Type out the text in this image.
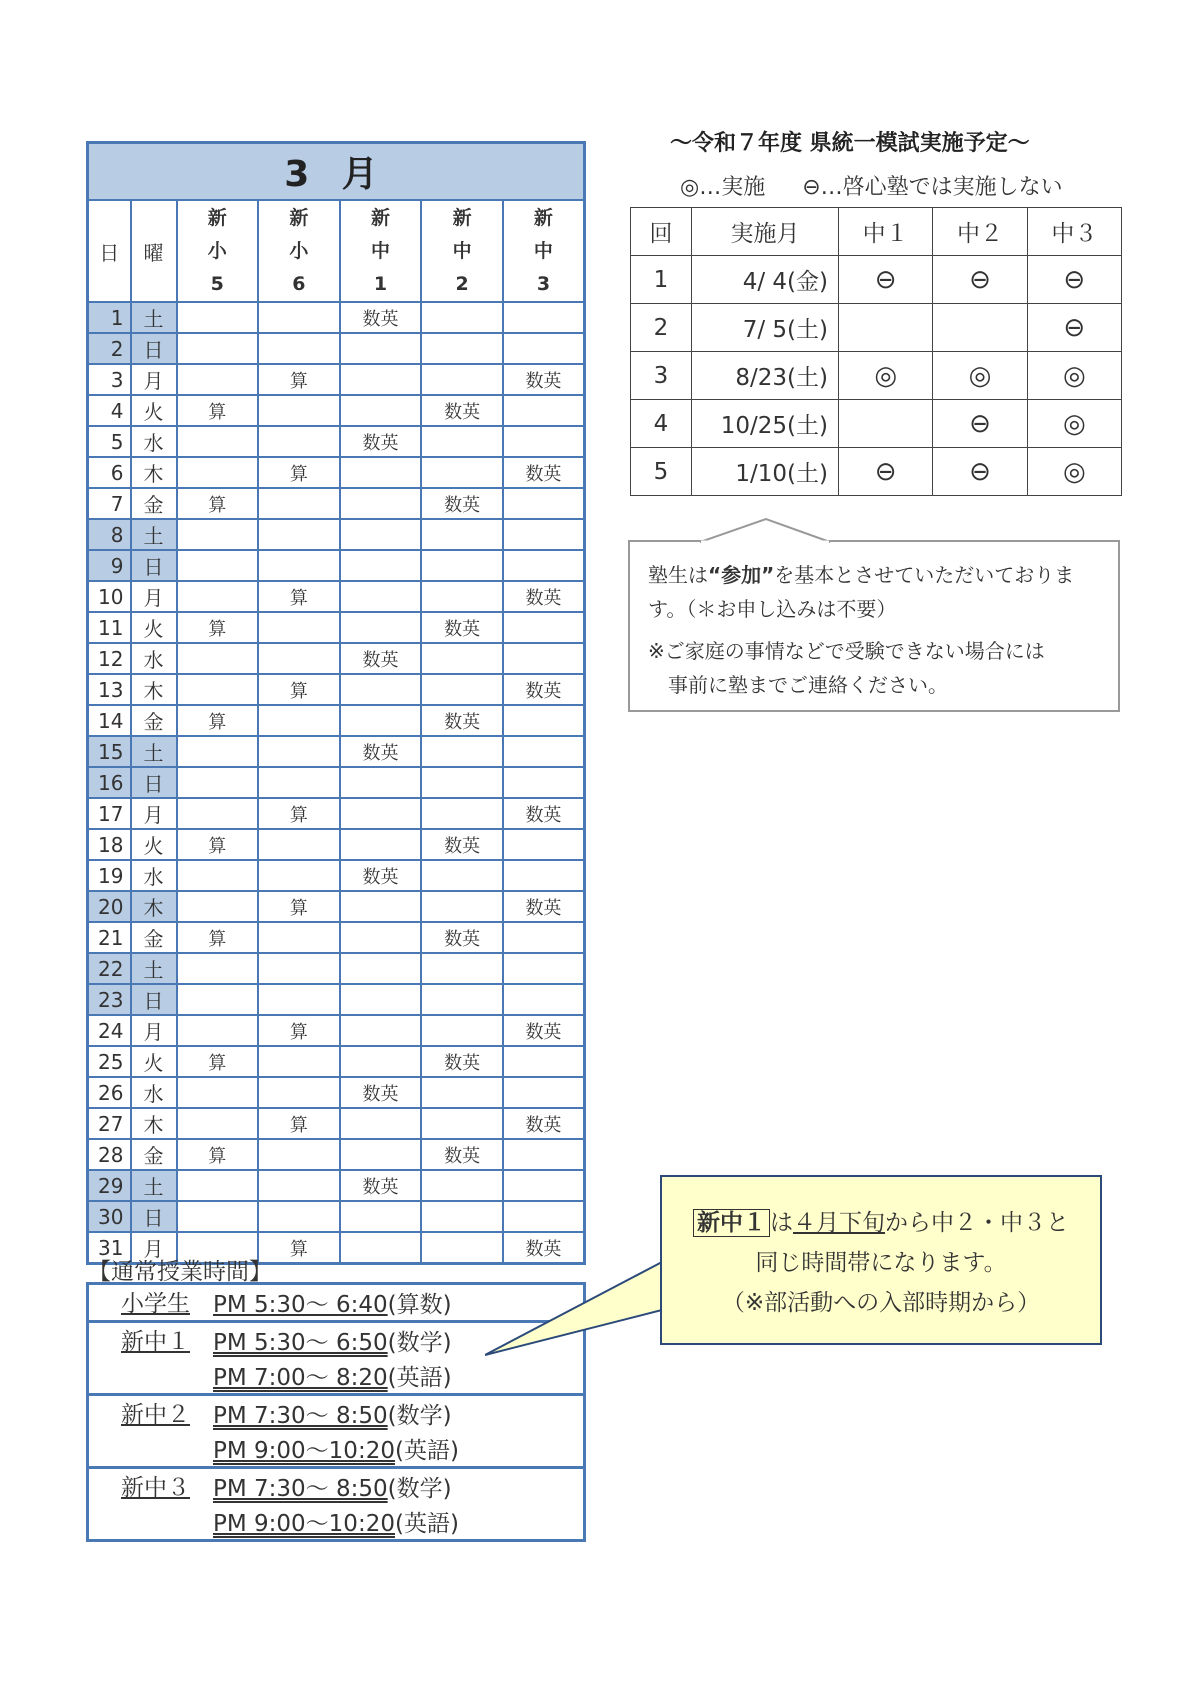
3 月						
日	曜	新
小
5	新
小
6	新
中
1	新
中
2	新
中
3

1	土			数英		
2	日					
3	月		算			数英
4	火	算			数英	
5	水			数英		
6	木		算			数英
7	金	算			数英	
8	土					
9	日					
10	月		算			数英
11	火	算			数英	
12	水			数英		
13	木		算			数英
14	金	算			数英	
15	土			数英		
16	日					
17	月		算			数英
18	火	算			数英	
19	水			数英		
20	木		算			数英
21	金	算			数英	
22	土					
23	日					
24	月		算			数英
25	火	算			数英	
26	水			数英		
27	木		算			数英
28	金	算			数英	
29	土			数英		
30	日					
31	月		算			数英
【通常授業時間】
小学生	PM 5:30～ 6:40(算数)
新中１	PM 5:30～ 6:50(数学)
	PM 7:00～ 8:20(英語)
新中２	PM 7:30～ 8:50(数学)
	PM 9:00～10:20(英語)
新中３	PM 7:30～ 8:50(数学)
	PM 9:00～10:20(英語)
～令和７年度 県統一模試実施予定～
◎…実施　 ⊖…啓心塾では実施しない
回	実施月	中１	中２	中３
1	4/ 4(金)	⊖	⊖	⊖
2	7/ 5(土)			⊖
3	8/23(土)	◎	◎	◎
4	10/25(土)		⊖	◎
5	1/10(土)	⊖	⊖	◎

塾生は“参加”を基本とさせていただいております。（＊お申し込みは不要）

※ご家庭の事情などで受験できない場合には
　事前に塾までご連絡ください。

新中１ は４月下旬から中２・中３と

同じ時間帯になります。

（※部活動への入部時期から）
